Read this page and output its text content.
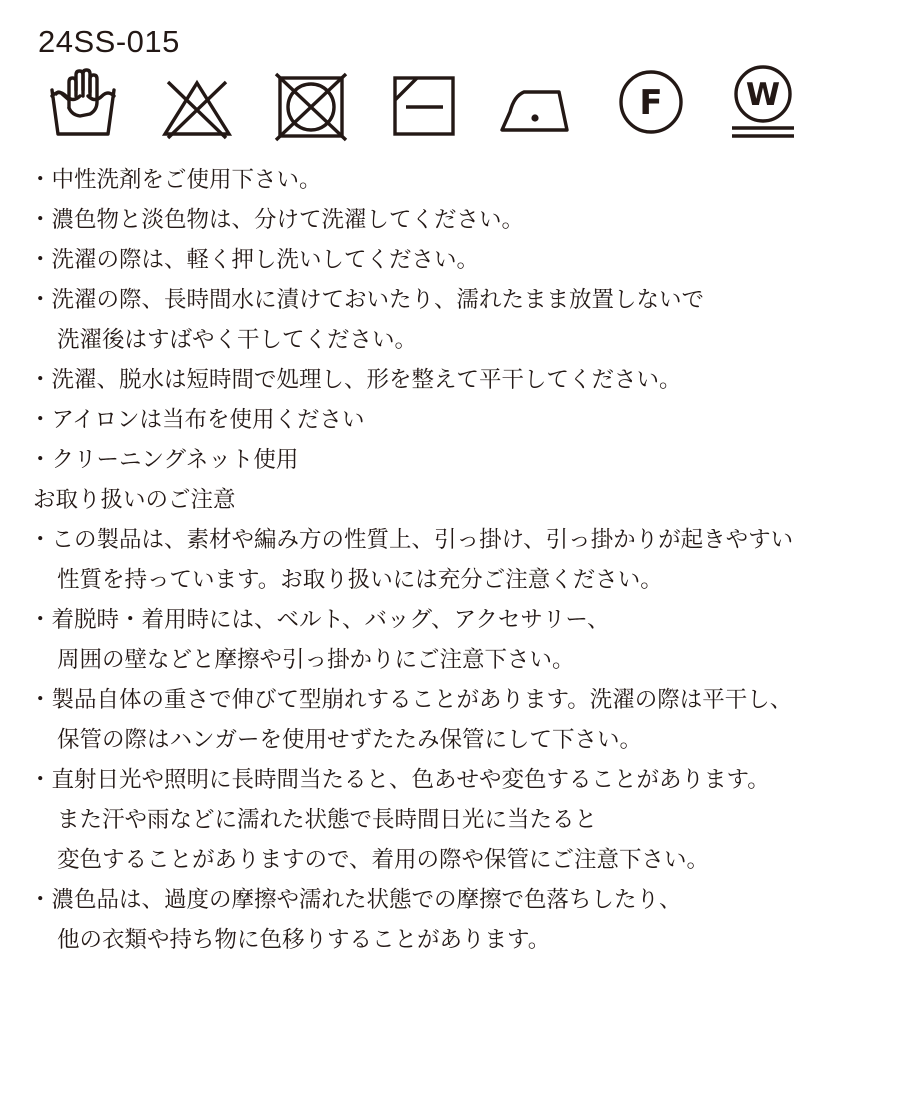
24SS-015
F	W
・中性洗剤をご使用下さい。
・濃色物と淡色物は、分けて洗濯してください。
・洗濯の際は、軽く押し洗いしてください。
・洗濯の際、長時間水に漬けておいたり、濡れたまま放置しないで
洗濯後はすばやく干してください。
・洗濯、脱水は短時間で処理し、形を整えて平干してください。
・アイロンは当布を使用ください
・クリーニングネット使用
お取り扱いのご注意
・この製品は、素材や編み方の性質上、引っ掛け、引っ掛かりが起きやすい
性質を持っています。お取り扱いには充分ご注意ください。
・着脱時・着用時には、ベルト、バッグ、アクセサリー、
周囲の壁などと摩擦や引っ掛かりにご注意下さい。
・製品自体の重さで伸びて型崩れすることがあります。洗濯の際は平干し、
保管の際はハンガーを使用せずたたみ保管にして下さい。
・直射日光や照明に長時間当たると、色あせや変色することがあります。
また汗や雨などに濡れた状態で長時間日光に当たると
変色することがありますので、着用の際や保管にご注意下さい。
・濃色品は、過度の摩擦や濡れた状態での摩擦で色落ちしたり、
他の衣類や持ち物に色移りすることがあります。
